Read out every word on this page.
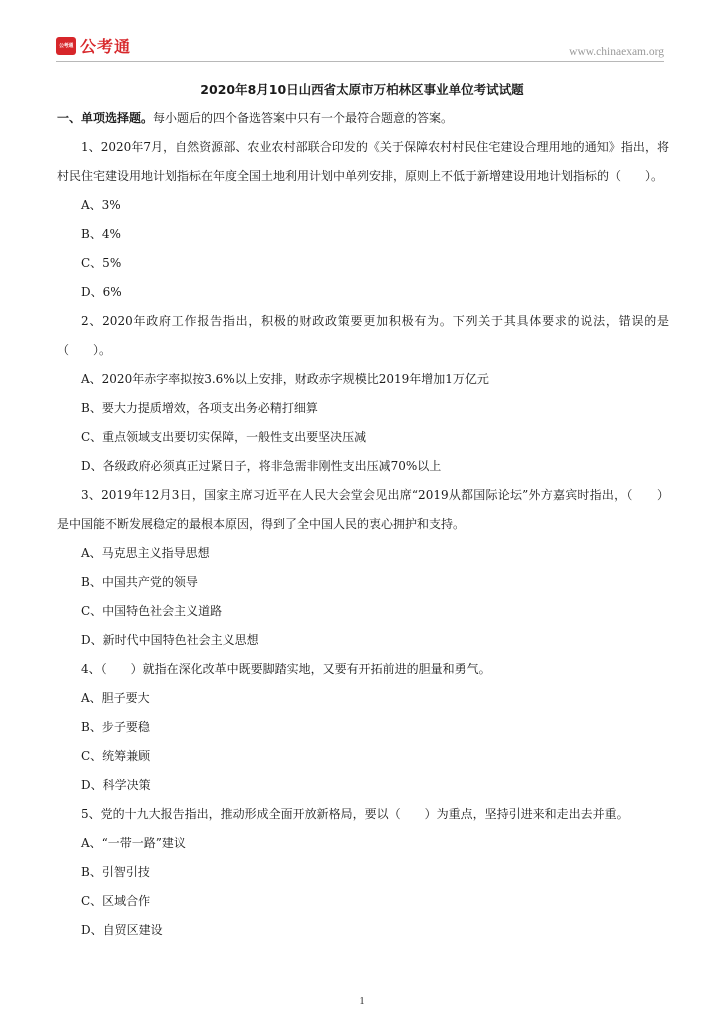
公考通 公考通	www.chinaexam.org
2020年8月10日山西省太原市万柏林区事业单位考试试题
一、单项选择题。每小题后的四个备选答案中只有一个最符合题意的答案。

1、2020年7月，自然资源部、农业农村部联合印发的《关于保障农村村民住宅建设合理用地的通知》指出，将村民住宅建设用地计划指标在年度全国土地利用计划中单列安排，原则上不低于新增建设用地计划指标的（　　）。

A、3%
B、4%
C、5%
D、6%

2、2020年政府工作报告指出，积极的财政政策要更加积极有为。下列关于其具体要求的说法，错误的是（　　）。

A、2020年赤字率拟按3.6%以上安排，财政赤字规模比2019年增加1万亿元
B、要大力提质增效，各项支出务必精打细算
C、重点领域支出要切实保障，一般性支出要坚决压减
D、各级政府必须真正过紧日子，将非急需非刚性支出压减70%以上

3、2019年12月3日，国家主席习近平在人民大会堂会见出席“2019从都国际论坛”外方嘉宾时指出，（　　）是中国能不断发展稳定的最根本原因，得到了全中国人民的衷心拥护和支持。

A、马克思主义指导思想
B、中国共产党的领导
C、中国特色社会主义道路
D、新时代中国特色社会主义思想

4、（　　）就指在深化改革中既要脚踏实地，又要有开拓前进的胆量和勇气。

A、胆子要大
B、步子要稳
C、统筹兼顾
D、科学决策

5、党的十九大报告指出，推动形成全面开放新格局，要以（　　）为重点，坚持引进来和走出去并重。

A、“一带一路”建议
B、引智引技
C、区域合作
D、自贸区建设
1
